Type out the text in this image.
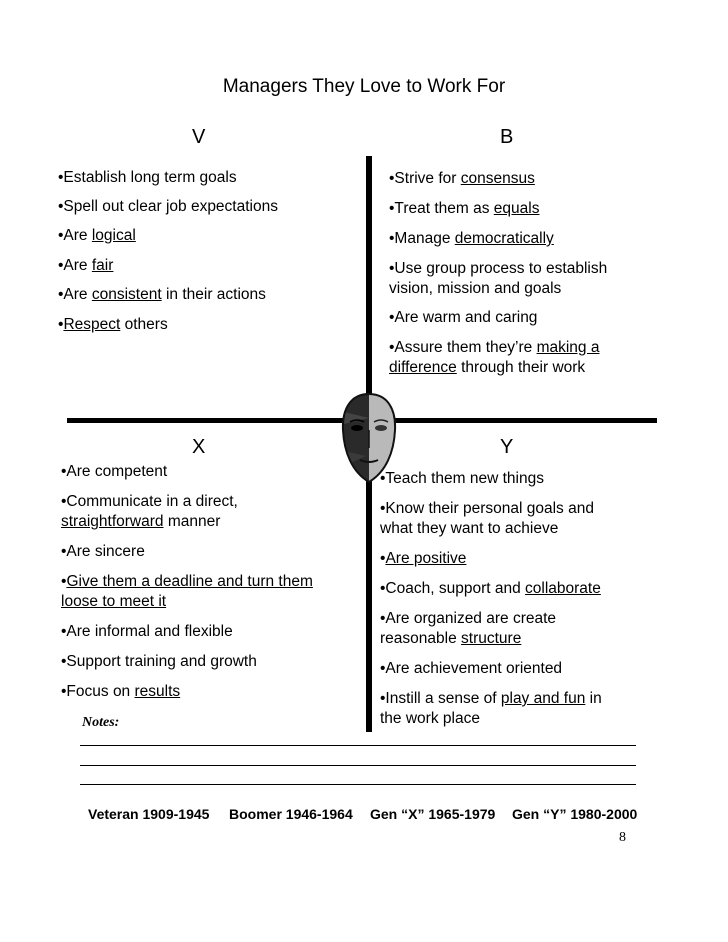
Managers They Love to Work For
V	B
X	Y
•Establish long term goals
•Spell out clear job expectations
•Are logical
•Are fair
•Are consistent in their actions
•Respect others
•Strive for consensus
•Treat them as equals
•Manage democratically
•Use group process to establish
vision, mission and goals
•Are warm and caring
•Assure them they’re making a
difference through their work
•Are competent
•Communicate in a direct,
straightforward manner
•Are sincere
•Give them a deadline and turn them
loose to meet it
•Are informal and flexible
•Support training and growth
•Focus on results
•Teach them new things
•Know their personal goals and
what they want to achieve
•Are positive
•Coach, support and collaborate
•Are organized are create
reasonable structure
•Are achievement oriented
•Instill a sense of play and fun in
the work place
Notes:
Veteran 1909-1945 Boomer 1946-1964 Gen “X” 1965-1979 Gen “Y” 1980-2000
8
